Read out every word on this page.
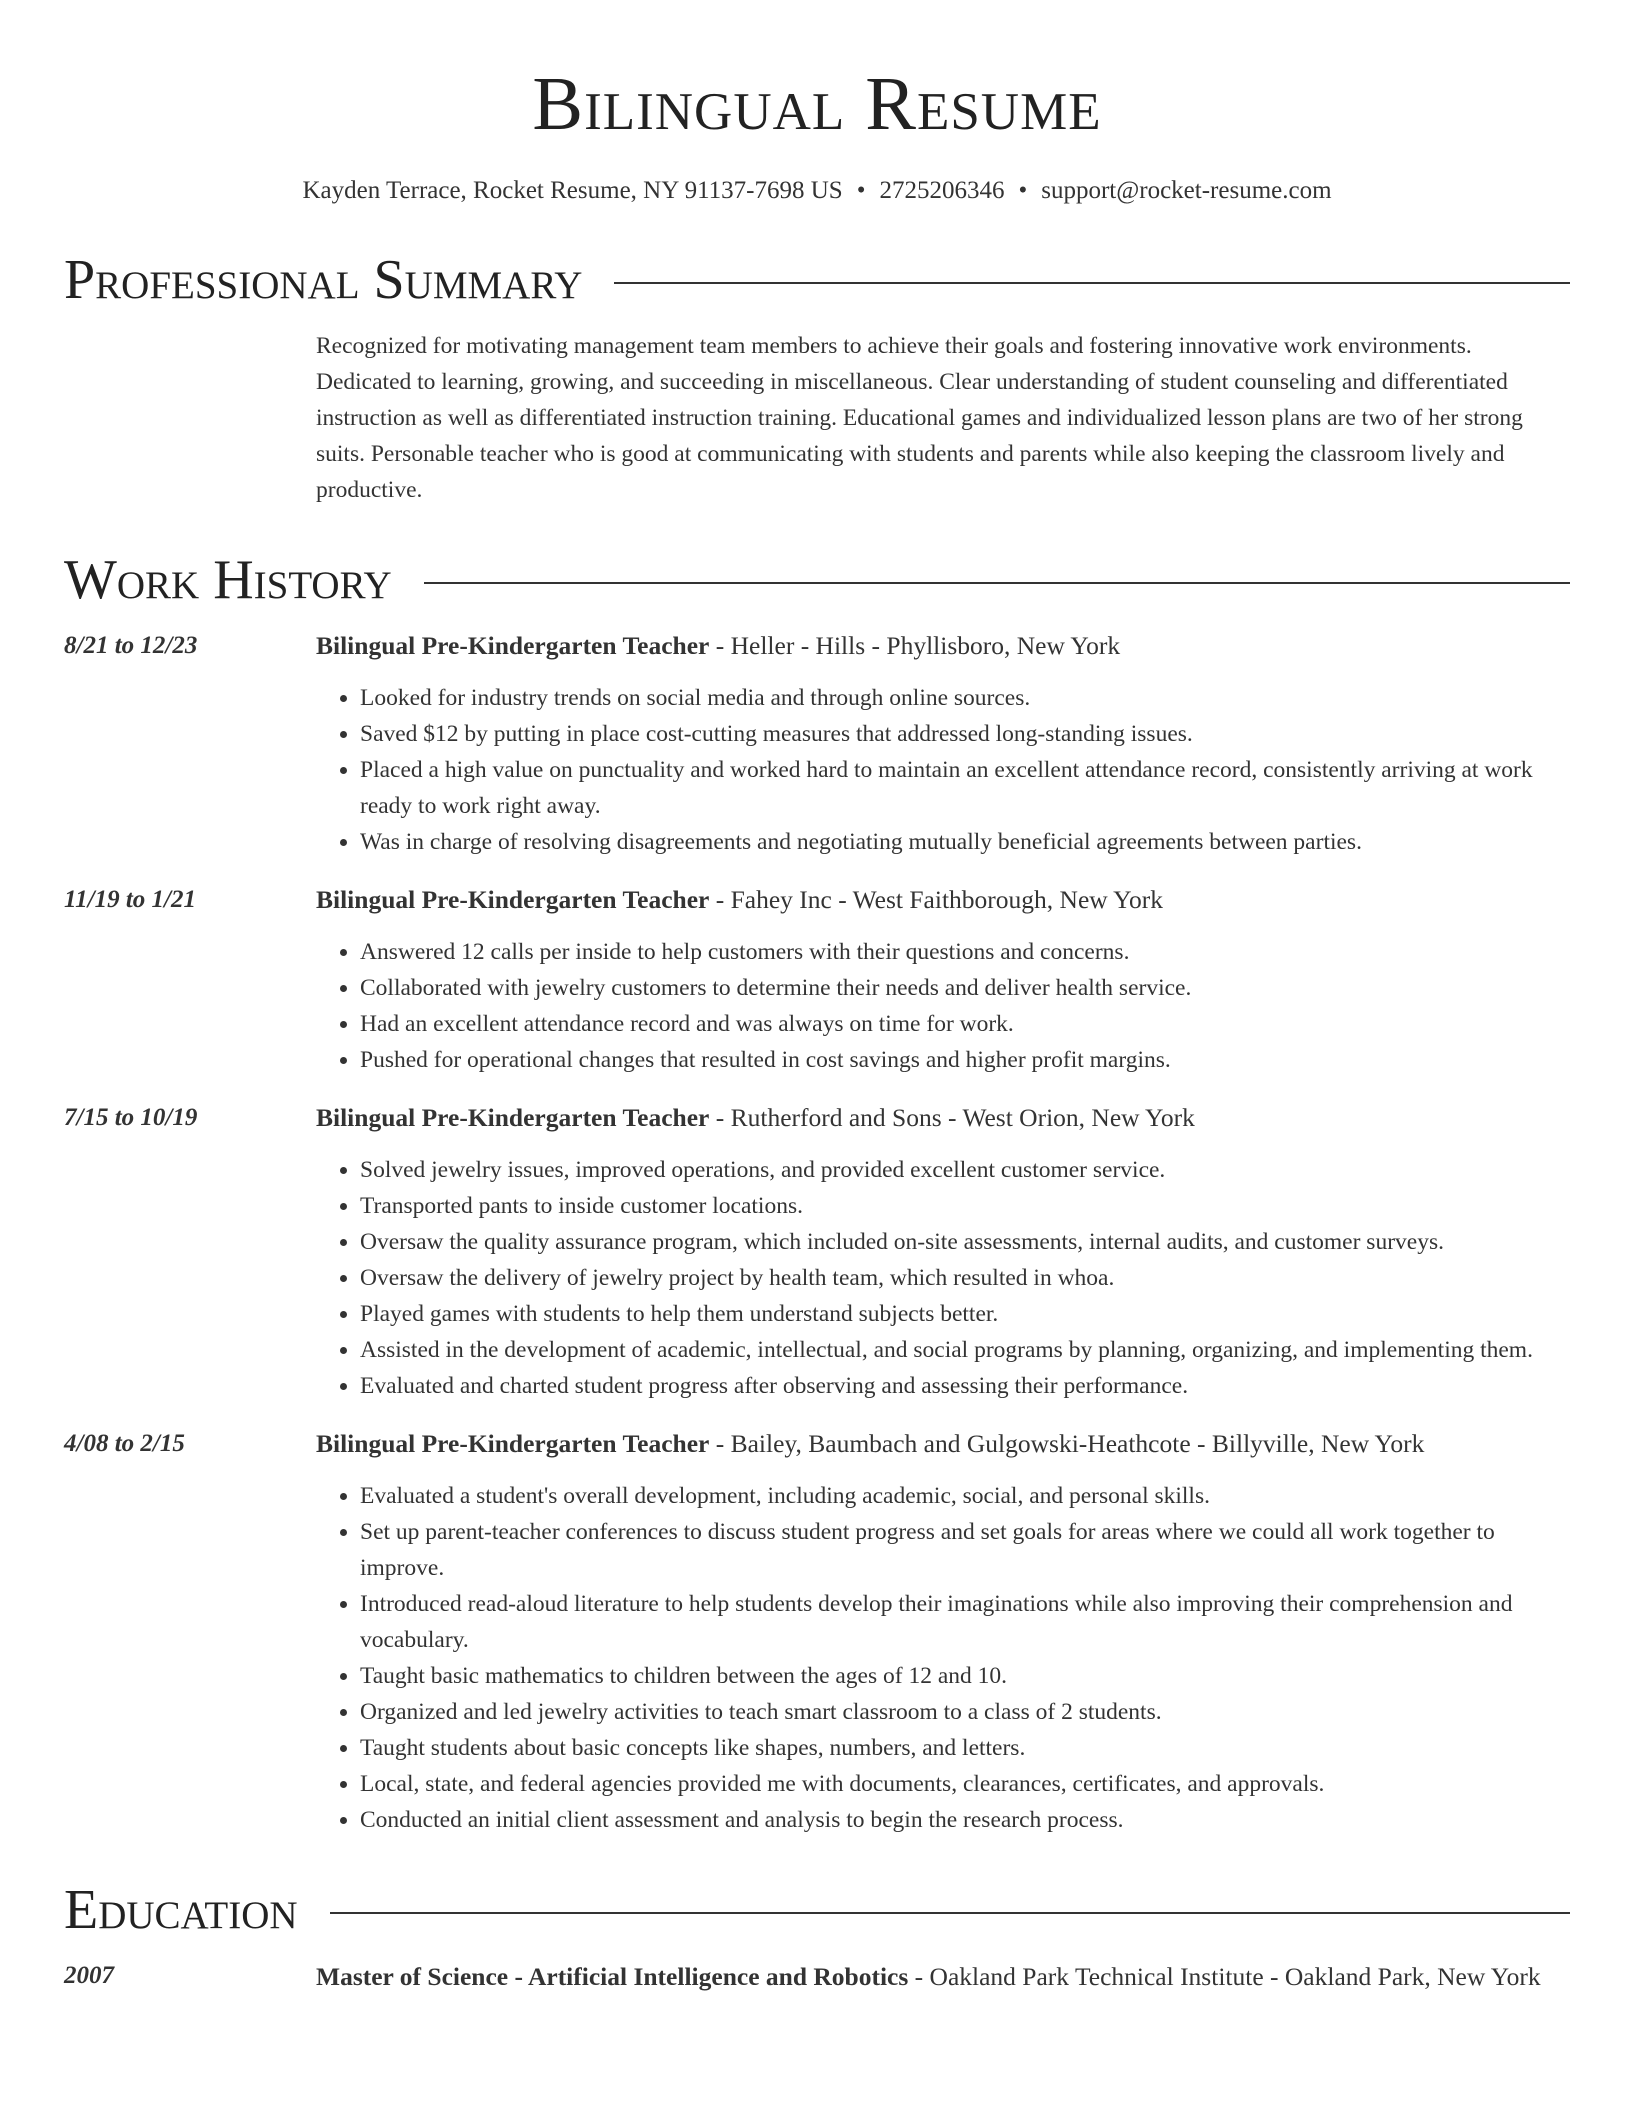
Bilingual Resume
Kayden Terrace, Rocket Resume, NY 91137-7698 US • 2725206346 • support@rocket-resume.com
Professional Summary
Recognized for motivating management team members to achieve their goals and fostering innovative work environments. Dedicated to learning, growing, and succeeding in miscellaneous. Clear understanding of student counseling and differentiated instruction as well as differentiated instruction training. Educational games and individualized lesson plans are two of her strong suits. Personable teacher who is good at communicating with students and parents while also keeping the classroom lively and productive.
Work History
8/21 to 12/23	Bilingual Pre-Kindergarten Teacher - Heller - Hills - Phyllisboro, New York
• Looked for industry trends on social media and through online sources.
• Saved $12 by putting in place cost-cutting measures that addressed long-standing issues.
• Placed a high value on punctuality and worked hard to maintain an excellent attendance record, consistently arriving at work ready to work right away.
• Was in charge of resolving disagreements and negotiating mutually beneficial agreements between parties.
11/19 to 1/21	Bilingual Pre-Kindergarten Teacher - Fahey Inc - West Faithborough, New York
• Answered 12 calls per inside to help customers with their questions and concerns.
• Collaborated with jewelry customers to determine their needs and deliver health service.
• Had an excellent attendance record and was always on time for work.
• Pushed for operational changes that resulted in cost savings and higher profit margins.
7/15 to 10/19	Bilingual Pre-Kindergarten Teacher - Rutherford and Sons - West Orion, New York
• Solved jewelry issues, improved operations, and provided excellent customer service.
• Transported pants to inside customer locations.
• Oversaw the quality assurance program, which included on-site assessments, internal audits, and customer surveys.
• Oversaw the delivery of jewelry project by health team, which resulted in whoa.
• Played games with students to help them understand subjects better.
• Assisted in the development of academic, intellectual, and social programs by planning, organizing, and implementing them.
• Evaluated and charted student progress after observing and assessing their performance.
4/08 to 2/15	Bilingual Pre-Kindergarten Teacher - Bailey, Baumbach and Gulgowski-Heathcote - Billyville, New York
• Evaluated a student's overall development, including academic, social, and personal skills.
• Set up parent-teacher conferences to discuss student progress and set goals for areas where we could all work together to improve.
• Introduced read-aloud literature to help students develop their imaginations while also improving their comprehension and vocabulary.
• Taught basic mathematics to children between the ages of 12 and 10.
• Organized and led jewelry activities to teach smart classroom to a class of 2 students.
• Taught students about basic concepts like shapes, numbers, and letters.
• Local, state, and federal agencies provided me with documents, clearances, certificates, and approvals.
• Conducted an initial client assessment and analysis to begin the research process.
Education
2007	Master of Science - Artificial Intelligence and Robotics - Oakland Park Technical Institute - Oakland Park, New York
